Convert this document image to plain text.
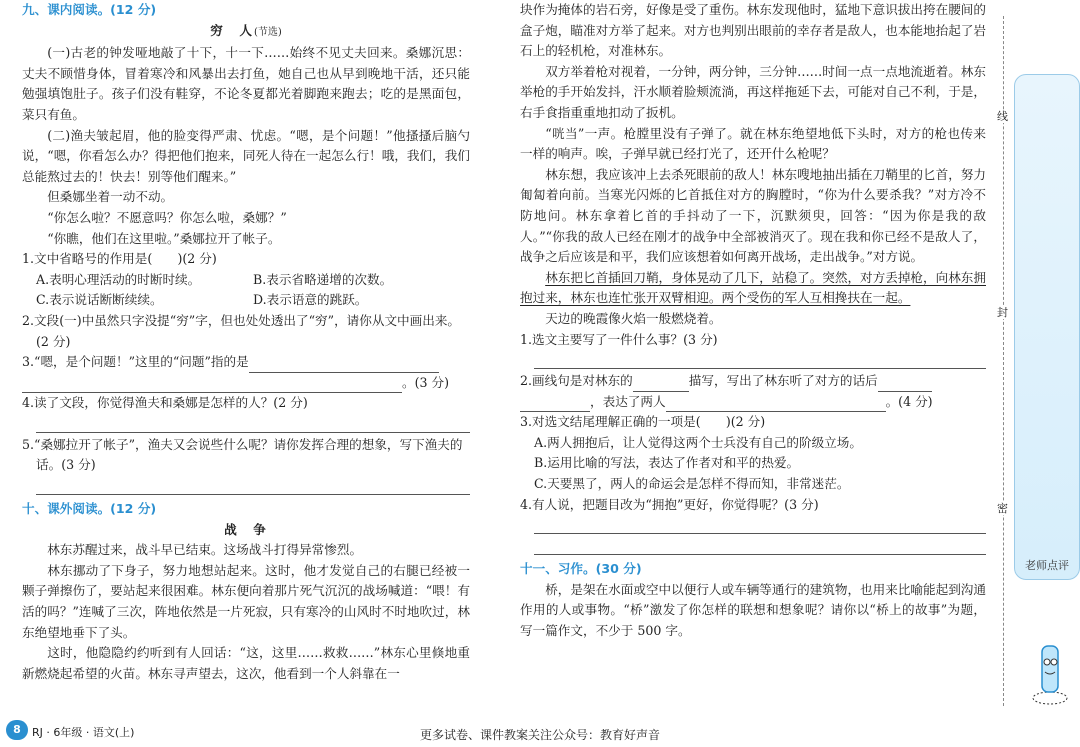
九、课内阅读。(12 分)

穷　人(节选)

(一)古老的钟发哑地敲了十下，十一下……始终不见丈夫回来。桑娜沉思：丈夫不顾惜身体，冒着寒冷和风暴出去打鱼，她自己也从早到晚地干活，还只能勉强填饱肚子。孩子们没有鞋穿，不论冬夏都光着脚跑来跑去；吃的是黑面包，菜只有鱼。

(二)渔夫皱起眉，他的脸变得严肃、忧虑。“嗯，是个问题！”他搔搔后脑勺说，“嗯，你看怎么办？得把他们抱来，同死人待在一起怎么行！哦，我们，我们总能熬过去的！快去！别等他们醒来。”

但桑娜坐着一动不动。

“你怎么啦？不愿意吗？你怎么啦，桑娜？”

“你瞧，他们在这里啦。”桑娜拉开了帐子。

1.文中省略号的作用是(　　)(2 分)

A.表明心理活动的时断时续。	B.表示省略递增的次数。
C.表示说话断断续续。	D.表示语意的跳跃。

2.文段(一)中虽然只字没提“穷”字，但也处处透出了“穷”，请你从文中画出来。(2 分)

3.“嗯，是个问题！”这里的“问题”指的是

。(3 分)

4.读了文段，你觉得渔夫和桑娜是怎样的人？(2 分)

5.“桑娜拉开了帐子”，渔夫又会说些什么呢？请你发挥合理的想象，写下渔夫的话。(3 分)

十、课外阅读。(12 分)

战　争

林东苏醒过来，战斗早已结束。这场战斗打得异常惨烈。

林东挪动了下身子，努力地想站起来。这时，他才发觉自己的右腿已经被一颗子弹擦伤了，要站起来很困难。林东便向着那片死气沉沉的战场喊道：“喂！有活的吗？”连喊了三次，阵地依然是一片死寂，只有寒冷的山风时不时地吹过，林东绝望地垂下了头。

这时，他隐隐约约听到有人回话：“这，这里……救救……”林东心里倏地重新燃烧起希望的火苗。林东寻声望去，这次，他看到一个人斜靠在一

块作为掩体的岩石旁，好像是受了重伤。林东发现他时，猛地下意识拔出挎在腰间的盒子炮，瞄准对方举了起来。对方也判别出眼前的幸存者是敌人，也本能地抬起了岩石上的轻机枪，对准林东。

双方举着枪对视着，一分钟，两分钟，三分钟……时间一点一点地流逝着。林东举枪的手开始发抖，汗水顺着脸颊流淌，再这样拖延下去，可能对自己不利，于是，右手食指重重地扣动了扳机。

“咣当”一声。枪膛里没有子弹了。就在林东绝望地低下头时，对方的枪也传来一样的响声。唉，子弹早就已经打光了，还开什么枪呢？

林东想，我应该冲上去杀死眼前的敌人！林东嗖地抽出插在刀鞘里的匕首，努力匍匐着向前。当寒光闪烁的匕首抵住对方的胸膛时，“你为什么要杀我？”对方冷不防地问。林东拿着匕首的手抖动了一下，沉默须臾，回答：“因为你是我的敌人。”“你我的敌人已经在刚才的战争中全部被消灭了。现在我和你已经不是敌人了，战争之后应该是和平，我们应该想着如何离开战场，走出战争。”对方说。

林东把匕首插回刀鞘，身体晃动了几下，站稳了。突然，对方丢掉枪，向林东拥抱过来，林东也连忙张开双臂相迎。两个受伤的军人互相搀扶在一起。

天边的晚霞像火焰一般燃烧着。

1.选文主要写了一件什么事？(3 分)

2.画线句是对林东的	描写，写出了林东听了对方的话后

，表达了两人	。(4 分)

3.对选文结尾理解正确的一项是(　　)(2 分)

A.两人拥抱后，让人觉得这两个士兵没有自己的阶级立场。

B.运用比喻的写法，表达了作者对和平的热爱。

C.天要黑了，两人的命运会是怎样不得而知，非常迷茫。

4.有人说，把题目改为“拥抱”更好，你觉得呢？(3 分)

十一、习作。(30 分)

桥，是架在水面或空中以便行人或车辆等通行的建筑物，也用来比喻能起到沟通作用的人或事物。“桥”激发了你怎样的联想和想象呢？请你以“桥上的故事”为题，写一篇作文，不少于 500 字。

线
封
密
老师点评
8	RJ · 6年级 · 语文(上)	更多试卷、课件教案关注公众号：教育好声音
